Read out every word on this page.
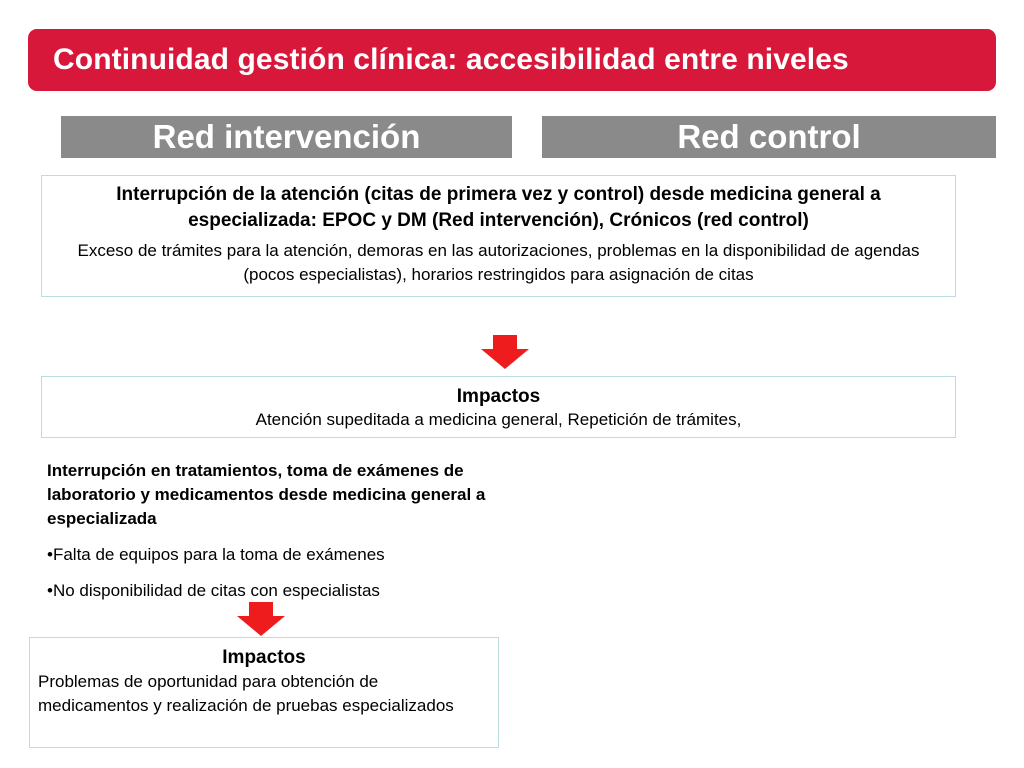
Continuidad gestión clínica: accesibilidad entre niveles
Red intervención	Red control
Interrupción de la atención (citas de primera vez y control) desde medicina general a especializada: EPOC y DM (Red intervención), Crónicos (red control)
Exceso de trámites para la atención, demoras en las autorizaciones, problemas en la disponibilidad de agendas (pocos especialistas), horarios restringidos para asignación de citas
Impactos
Atención supeditada a medicina general, Repetición de trámites,
Interrupción en tratamientos, toma de exámenes de laboratorio y medicamentos desde medicina general a especializada
•Falta de equipos para la toma de exámenes
•No disponibilidad de citas con especialistas
Impactos
Problemas de oportunidad para obtención de medicamentos y realización de pruebas especializados
